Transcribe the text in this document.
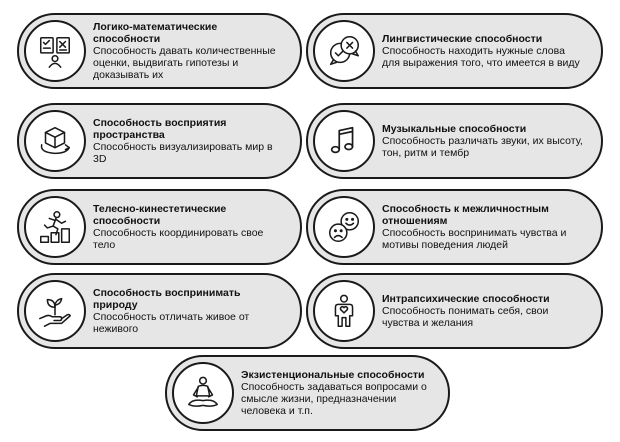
Логико-математические способности
Способность давать количественные оценки, выдвигать гипотезы и доказывать их
Лингвистические способности
Способность находить нужные слова для выражения того, что имеется в виду
Способность восприятия пространства
Способность визуализировать мир в 3D
Музыкальные способности
Способность различать звуки, их высоту, тон, ритм и тембр
Телесно-кинестетические способности
Способность координировать свое тело
Способность к межличностным отношениям
Способность воспринимать чувства и мотивы поведения людей
Способность воспринимать природу
Способность отличать живое от неживого
Интрапсихические способности
Способность понимать себя, свои чувства и желания
Экзистенциональные способности
Способность задаваться вопросами о смысле жизни, предназначении человека и т.п.
